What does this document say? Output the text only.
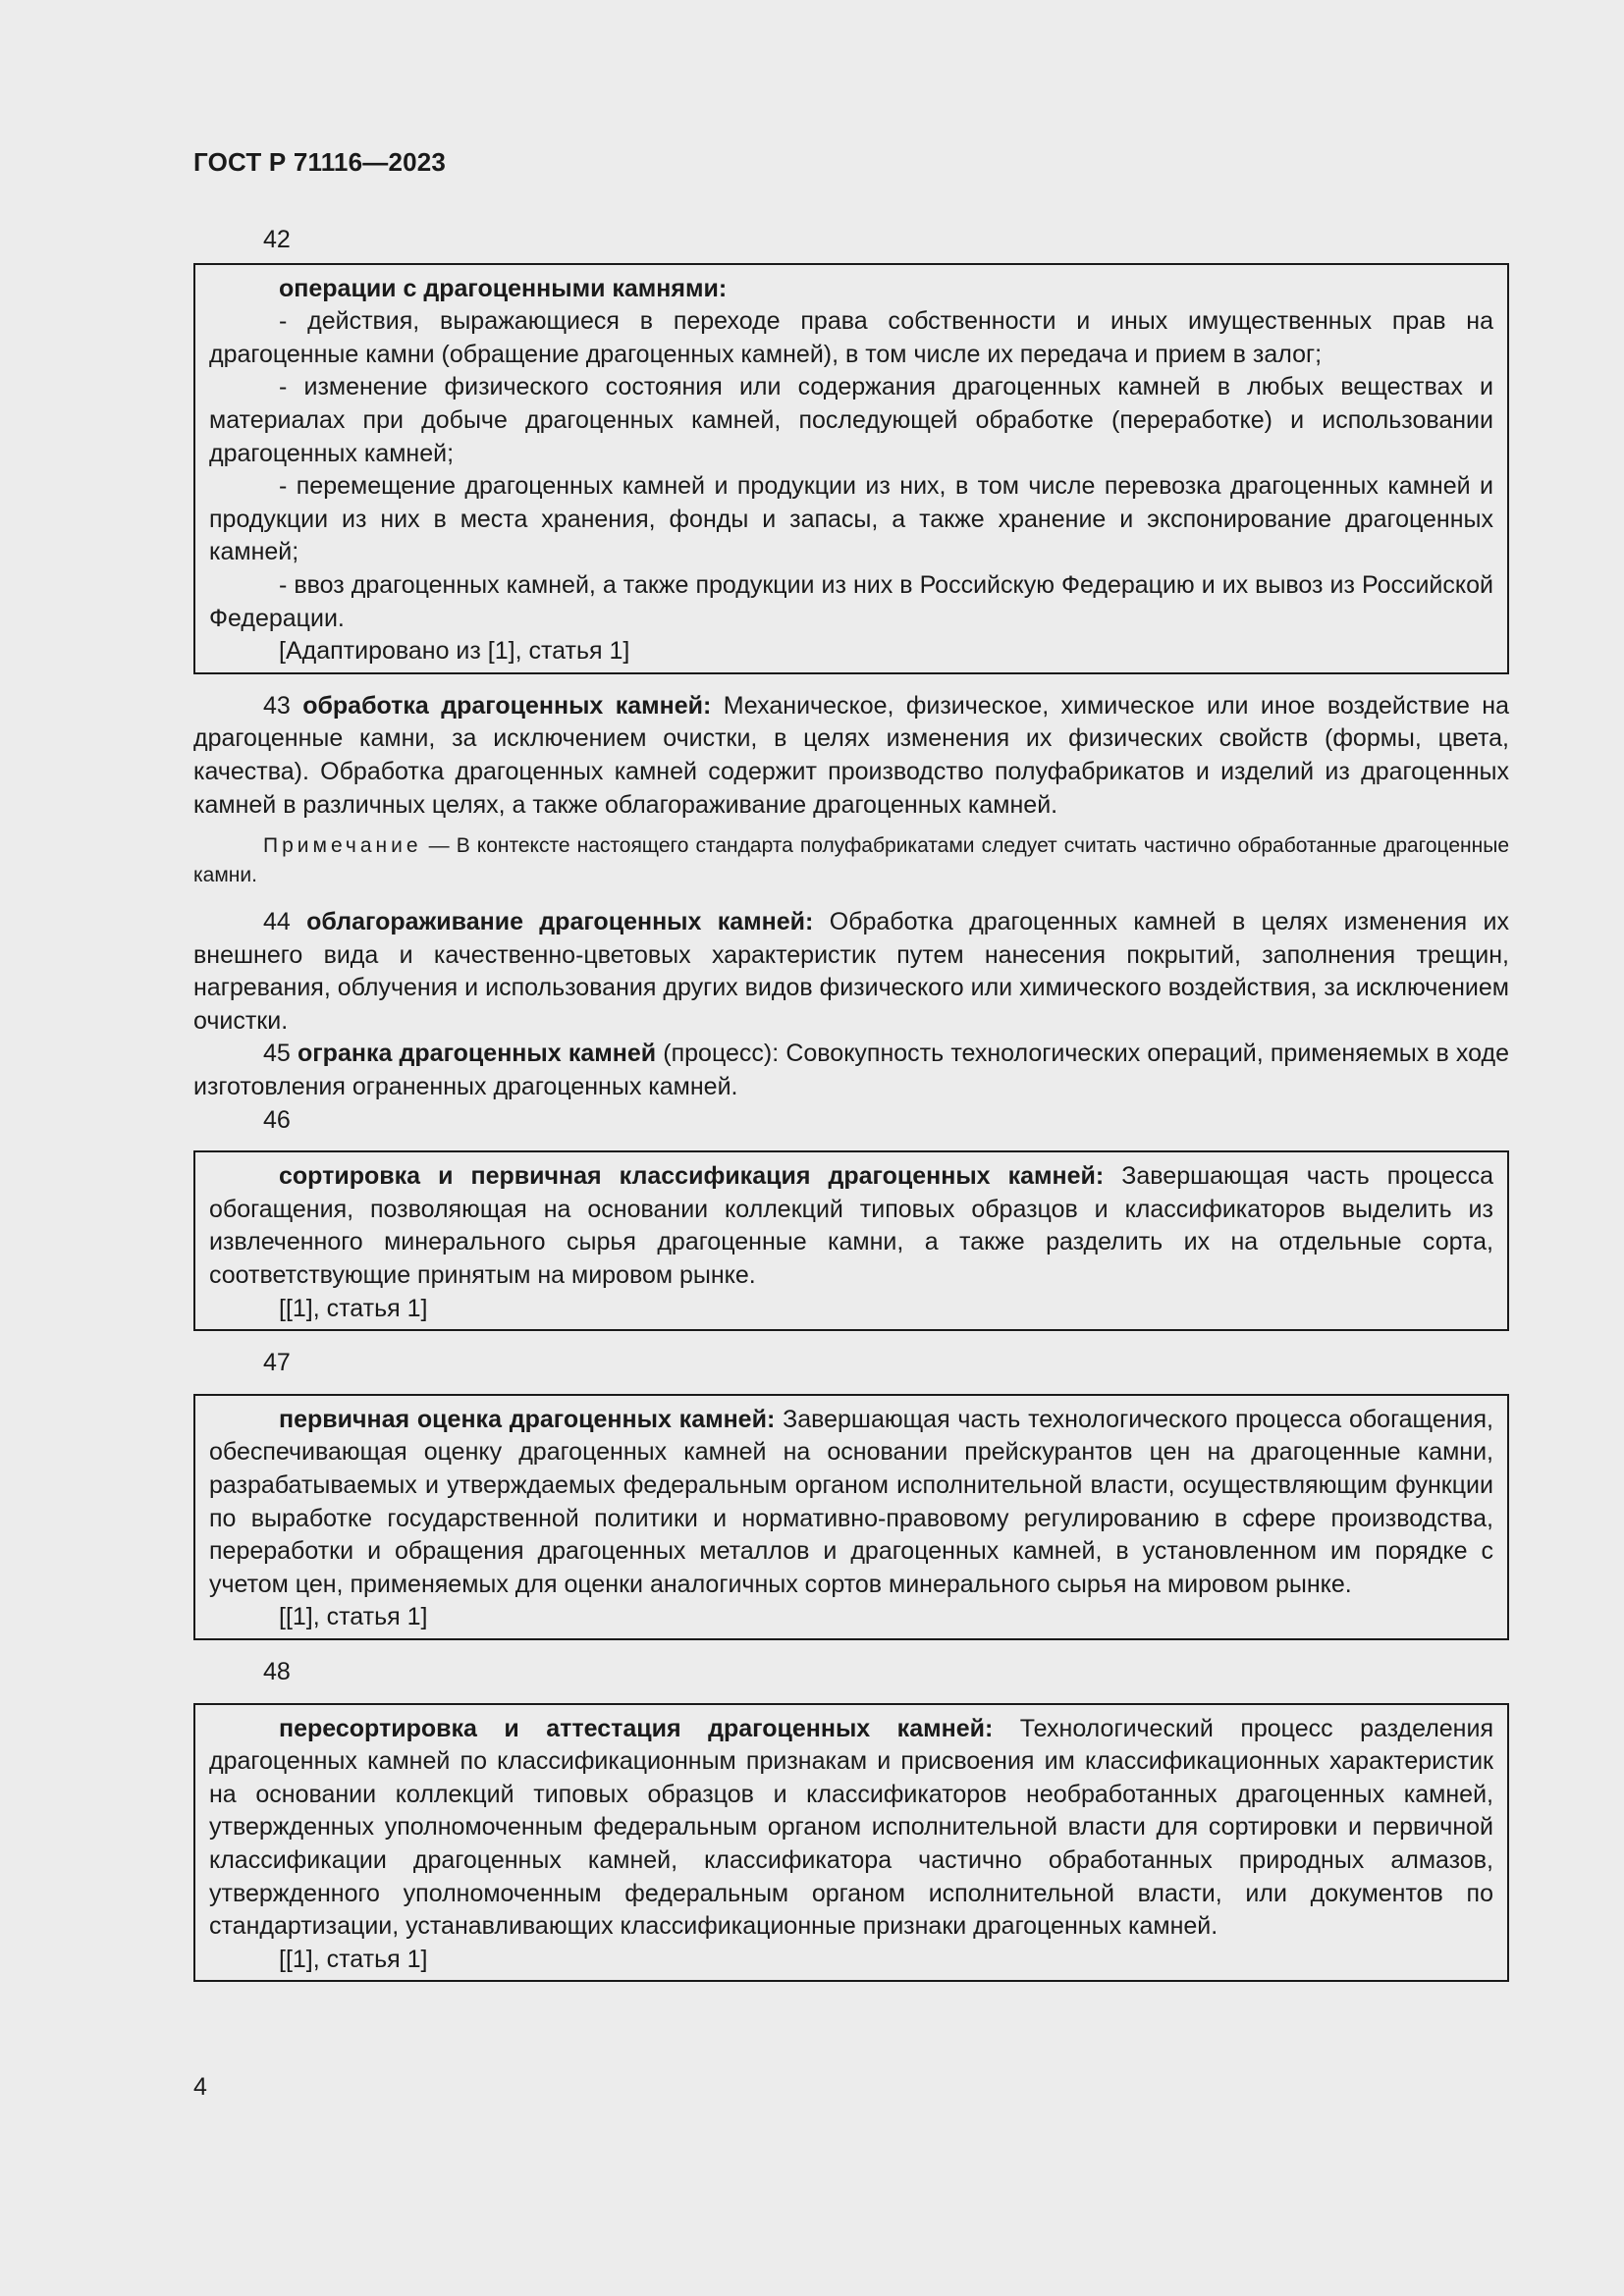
ГОСТ Р 71116—2023
42

операции с драгоценными камнями:

- действия, выражающиеся в переходе права собственности и иных имущественных прав на драгоценные камни (обращение драгоценных камней), в том числе их передача и прием в залог;

- изменение физического состояния или содержания драгоценных камней в любых веществах и материалах при добыче драгоценных камней, последующей обработке (переработке) и использовании драгоценных камней;

- перемещение драгоценных камней и продукции из них, в том числе перевозка драгоценных камней и продукции из них в места хранения, фонды и запасы, а также хранение и экспонирование драгоценных камней;

- ввоз драгоценных камней, а также продукции из них в Российскую Федерацию и их вывоз из Российской Федерации.

[Адаптировано из [1], статья 1]

43 обработка драгоценных камней: Механическое, физическое, химическое или иное воздействие на драгоценные камни, за исключением очистки, в целях изменения их физических свойств (формы, цвета, качества). Обработка драгоценных камней содержит производство полуфабрикатов и изделий из драгоценных камней в различных целях, а также облагораживание драгоценных камней.

Примечание — В контексте настоящего стандарта полуфабрикатами следует считать частично обработанные драгоценные камни.

44 облагораживание драгоценных камней: Обработка драгоценных камней в целях изменения их внешнего вида и качественно-цветовых характеристик путем нанесения покрытий, заполнения трещин, нагревания, облучения и использования других видов физического или химического воздействия, за исключением очистки.

45 огранка драгоценных камней (процесс): Совокупность технологических операций, применяемых в ходе изготовления ограненных драгоценных камней.

46

сортировка и первичная классификация драгоценных камней: Завершающая часть процесса обогащения, позволяющая на основании коллекций типовых образцов и классификаторов выделить из извлеченного минерального сырья драгоценные камни, а также разделить их на отдельные сорта, соответствующие принятым на мировом рынке.

[[1], статья 1]

47

первичная оценка драгоценных камней: Завершающая часть технологического процесса обогащения, обеспечивающая оценку драгоценных камней на основании прейскурантов цен на драгоценные камни, разрабатываемых и утверждаемых федеральным органом исполнительной власти, осуществляющим функции по выработке государственной политики и нормативно-правовому регулированию в сфере производства, переработки и обращения драгоценных металлов и драгоценных камней, в установленном им порядке с учетом цен, применяемых для оценки аналогичных сортов минерального сырья на мировом рынке.

[[1], статья 1]

48

пересортировка и аттестация драгоценных камней: Технологический процесс разделения драгоценных камней по классификационным признакам и присвоения им классификационных характеристик на основании коллекций типовых образцов и классификаторов необработанных драгоценных камней, утвержденных уполномоченным федеральным органом исполнительной власти для сортировки и первичной классификации драгоценных камней, классификатора частично обработанных природных алмазов, утвержденного уполномоченным федеральным органом исполнительной власти, или документов по стандартизации, устанавливающих классификационные признаки драгоценных камней.

[[1], статья 1]

4
